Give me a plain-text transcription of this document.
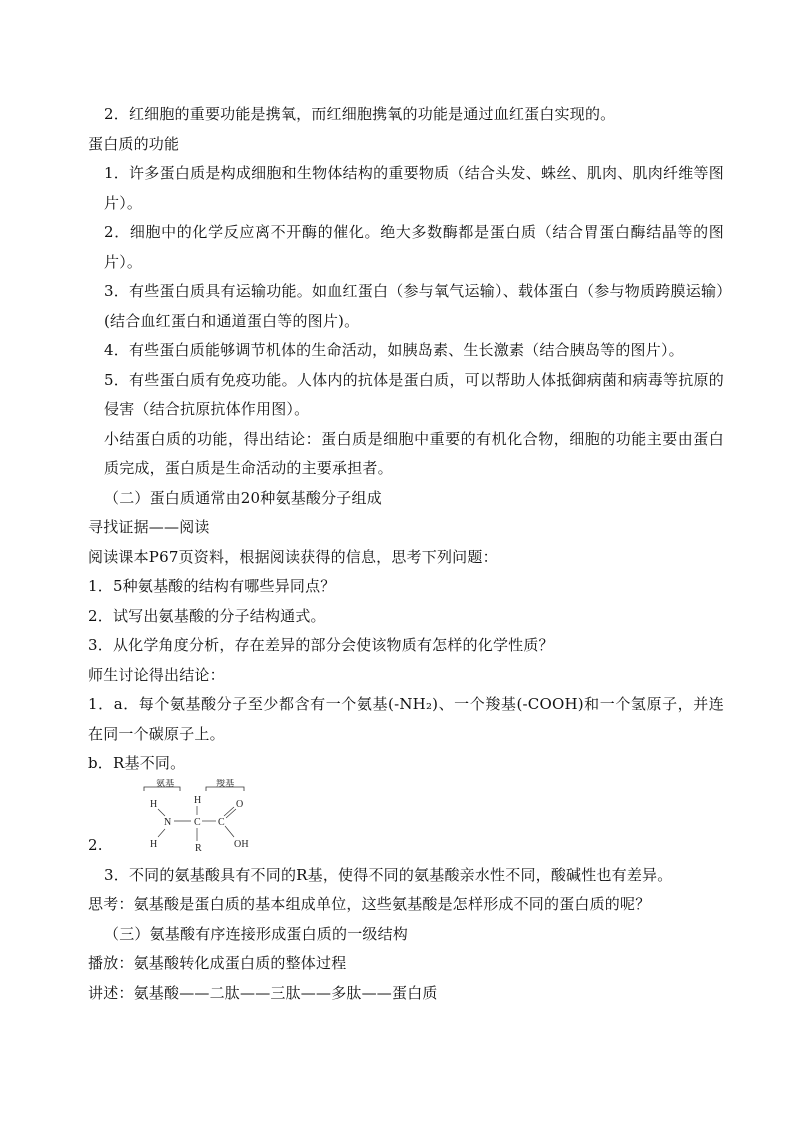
2．红细胞的重要功能是携氧，而红细胞携氧的功能是通过血红蛋白实现的。

蛋白质的功能

1．许多蛋白质是构成细胞和生物体结构的重要物质（结合头发、蛛丝、肌肉、肌肉纤维等图片）。

2．细胞中的化学反应离不开酶的催化。绝大多数酶都是蛋白质（结合胃蛋白酶结晶等的图片）。

3．有些蛋白质具有运输功能。如血红蛋白（参与氧气运输）、载体蛋白（参与物质跨膜运输）(结合血红蛋白和通道蛋白等的图片)。

4．有些蛋白质能够调节机体的生命活动，如胰岛素、生长激素（结合胰岛等的图片）。

5．有些蛋白质有免疫功能。人体内的抗体是蛋白质，可以帮助人体抵御病菌和病毒等抗原的侵害（结合抗原抗体作用图）。

小结蛋白质的功能，得出结论：蛋白质是细胞中重要的有机化合物，细胞的功能主要由蛋白质完成，蛋白质是生命活动的主要承担者。

（二）蛋白质通常由20种氨基酸分子组成

寻找证据——阅读

阅读课本P67页资料，根据阅读获得的信息，思考下列问题：

1．5种氨基酸的结构有哪些异同点？

2．试写出氨基酸的分子结构通式。

3．从化学角度分析，存在差异的部分会使该物质有怎样的化学性质？

师生讨论得出结论：

1．a．每个氨基酸分子至少都含有一个氨基(-NH₂)、一个羧基(-COOH)和一个氢原子，并连在同一个碳原子上。

b．R基不同。

2.
氨基	羧基
H	H	O
N C C
H	R	OH

3．不同的氨基酸具有不同的R基，使得不同的氨基酸亲水性不同，酸碱性也有差异。

思考：氨基酸是蛋白质的基本组成单位，这些氨基酸是怎样形成不同的蛋白质的呢？

（三）氨基酸有序连接形成蛋白质的一级结构

播放：氨基酸转化成蛋白质的整体过程

讲述：氨基酸——二肽——三肽——多肽——蛋白质
